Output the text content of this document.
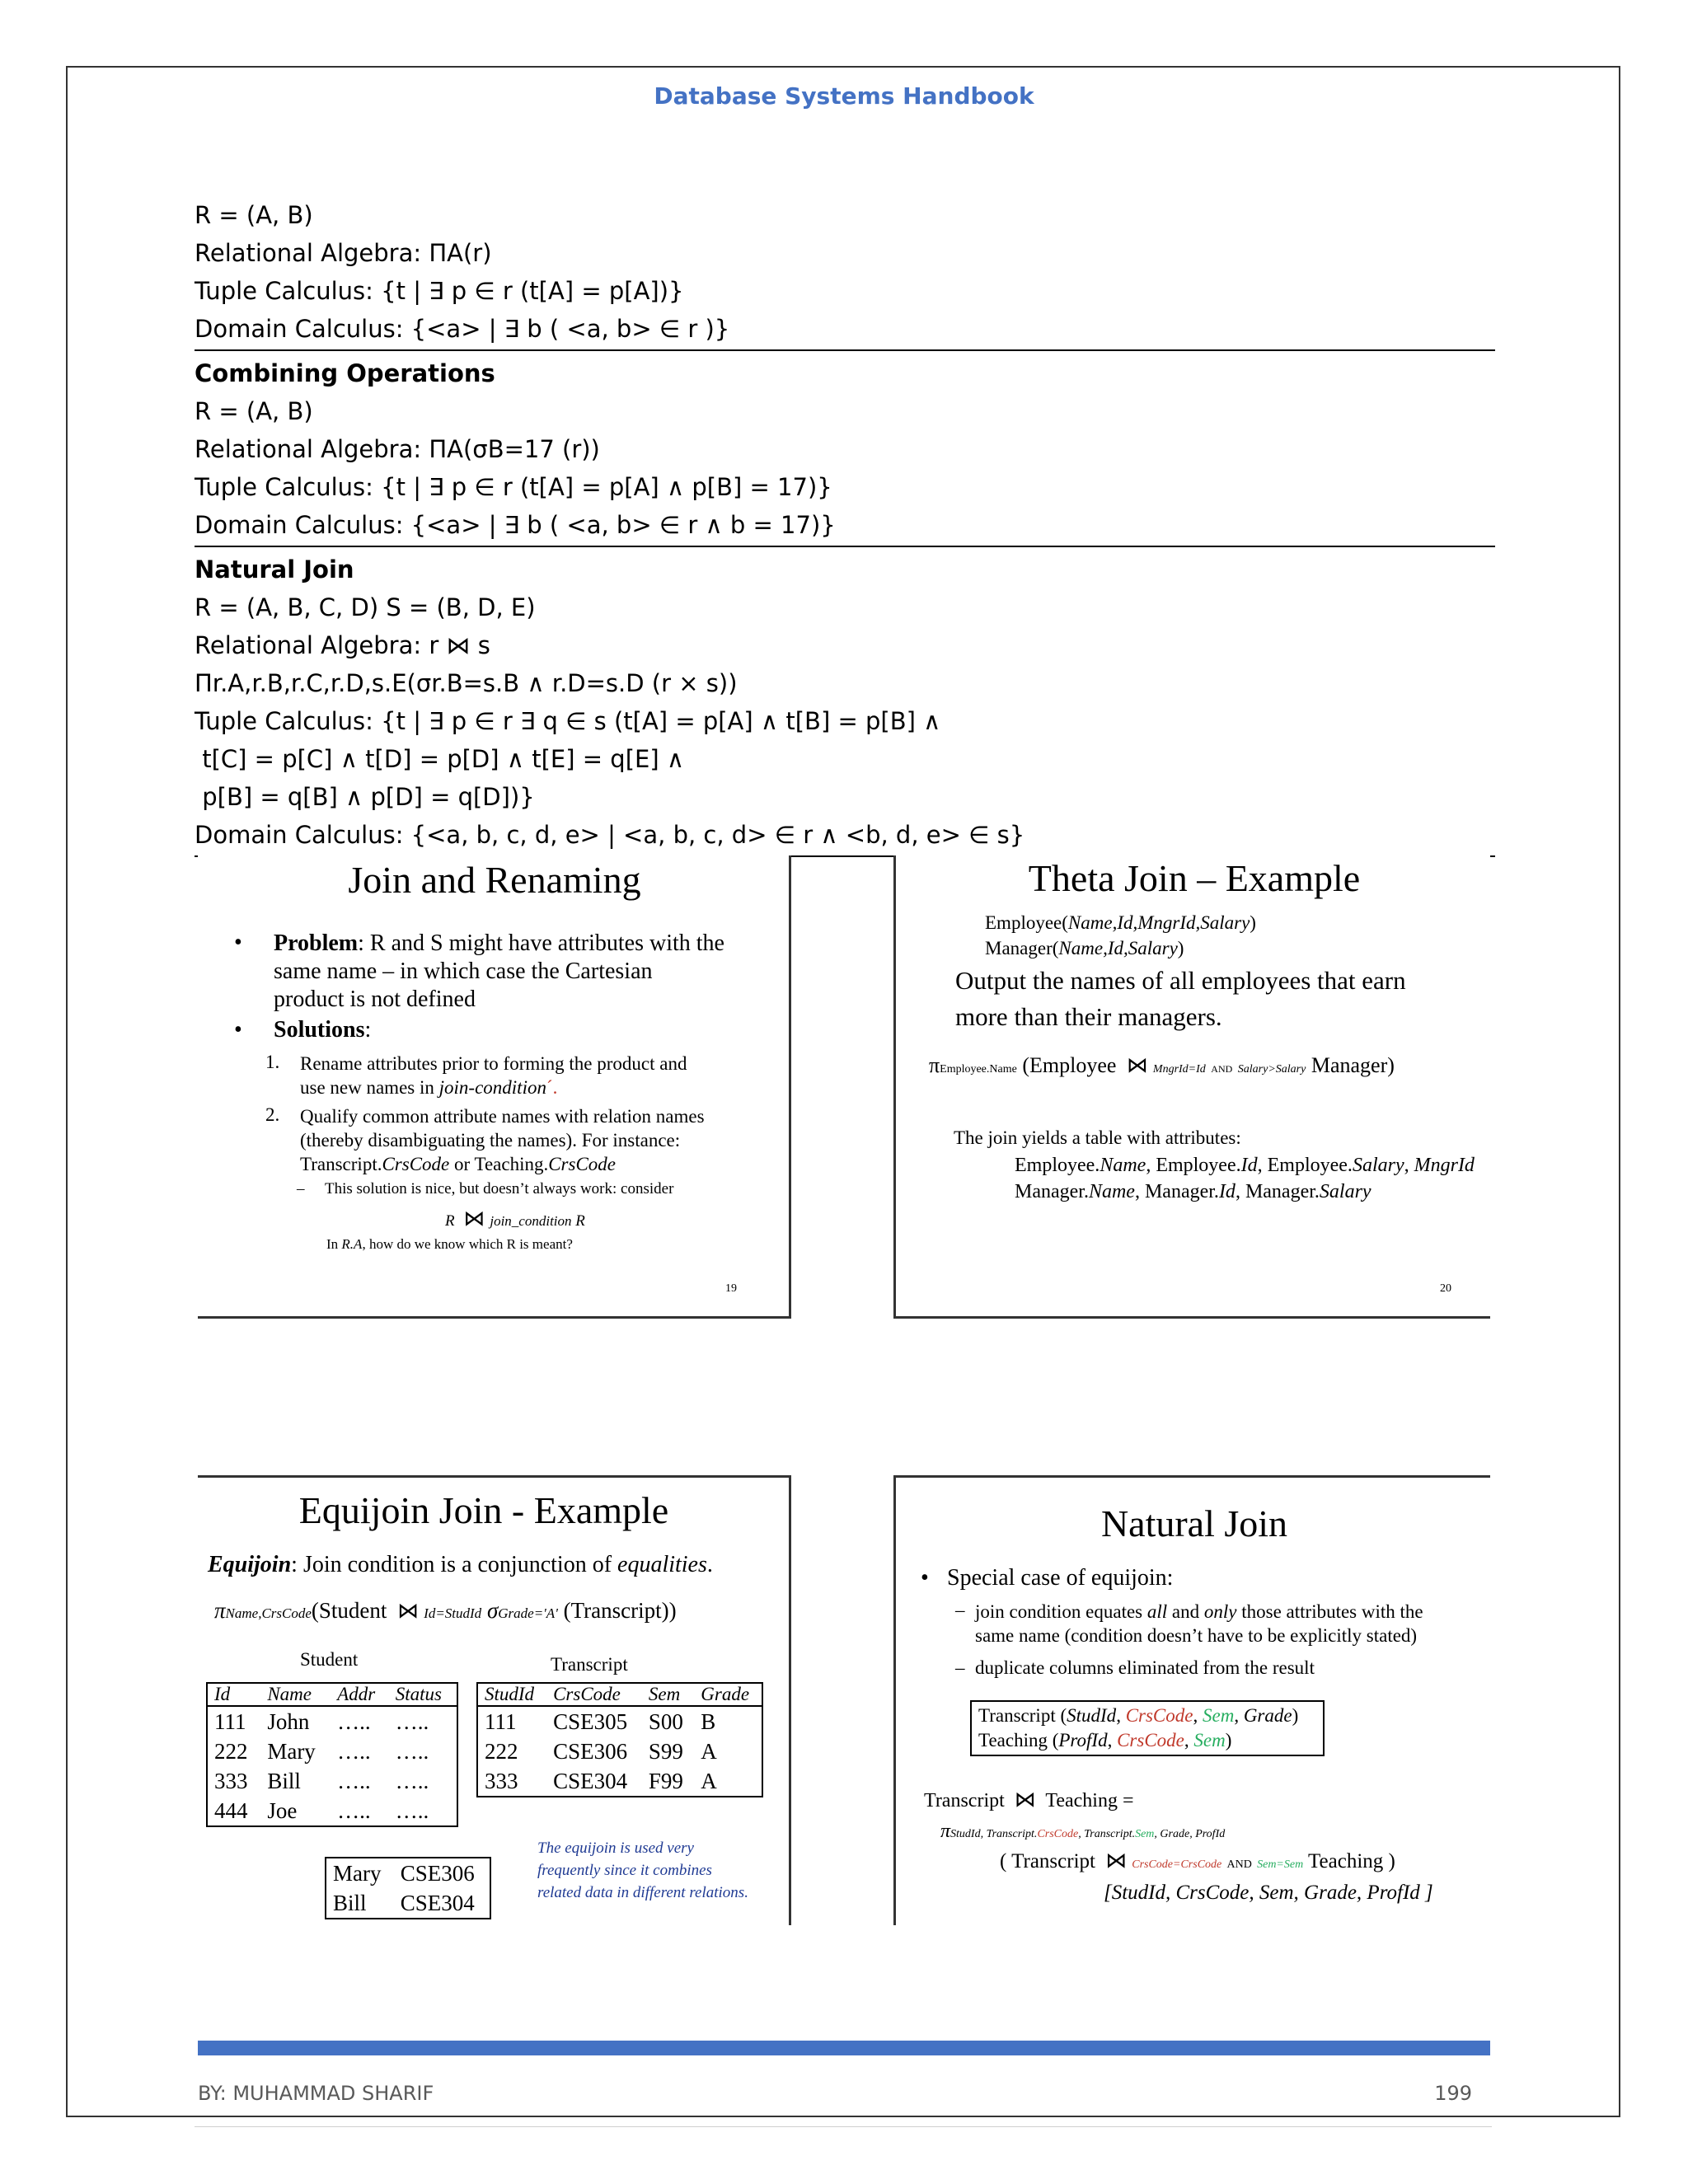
Database Systems Handbook
R = (A, B)
Relational Algebra: ΠA(r)
Tuple Calculus: {t | ∃ p ∈ r (t[A] = p[A])}
Domain Calculus: {<a> | ∃ b ( <a, b> ∈ r )}
Combining Operations
R = (A, B)
Relational Algebra: ΠA(σB=17 (r))
Tuple Calculus: {t | ∃ p ∈ r (t[A] = p[A] ∧ p[B] = 17)}
Domain Calculus: {<a> | ∃ b ( <a, b> ∈ r ∧ b = 17)}
Natural Join
R = (A, B, C, D) S = (B, D, E)
Relational Algebra: r ⋈ s
Πr.A,r.B,r.C,r.D,s.E(σr.B=s.B ∧ r.D=s.D (r × s))
Tuple Calculus: {t | ∃ p ∈ r ∃ q ∈ s (t[A] = p[A] ∧ t[B] = p[B] ∧
t[C] = p[C] ∧ t[D] = p[D] ∧ t[E] = q[E] ∧
p[B] = q[B] ∧ p[D] = q[D])}
Domain Calculus: {<a, b, c, d, e> | <a, b, c, d> ∈ r ∧ <b, d, e> ∈ s}
Join and Renaming
• Problem: R and S might have attributes with the
same name – in which case the Cartesian
product is not defined
• Solutions:
1. Rename attributes prior to forming the product and
use new names in join-condition´.
2. Qualify common attribute names with relation names
(thereby disambiguating the names). For instance:
Transcript.CrsCode or Teaching.CrsCode
– This solution is nice, but doesn’t always work: consider
R ⋈ join_condition R
In R.A, how do we know which R is meant?
19
Theta Join – Example
Employee(Name,Id,MngrId,Salary)
Manager(Name,Id,Salary)
Output the names of all employees that earn
more than their managers.
πEmployee.Name (Employee ⋈ MngrId=Id AND Salary>Salary Manager)
The join yields a table with attributes:
Employee.Name, Employee.Id, Employee.Salary, MngrId
Manager.Name, Manager.Id, Manager.Salary
20
Equijoin Join - Example
Equijoin: Join condition is a conjunction of equalities.
πName,CrsCode(Student ⋈ Id=StudId σGrade='A' (Transcript))
Student	Transcript
Id	Name	Addr	Status
111	John	…..	…..
222	Mary	…..	…..
333	Bill	…..	…..
444	Joe	…..	…..
StudId	CrsCode	Sem	Grade
111	CSE305	S00	B
222	CSE306	S99	A
333	CSE304	F99	A
Mary	CSE306
Bill	CSE304
The equijoin is used very
frequently since it combines
related data in different relations.
Natural Join
• Special case of equijoin:
– join condition equates all and only those attributes with the
same name (condition doesn’t have to be explicitly stated)
– duplicate columns eliminated from the result
Transcript (StudId, CrsCode, Sem, Grade)
Teaching (ProfId, CrsCode, Sem)
Transcript ⋈ Teaching =
πStudId, Transcript.CrsCode, Transcript.Sem, Grade, ProfId
( Transcript ⋈ CrsCode=CrsCode AND Sem=Sem Teaching )
[StudId, CrsCode, Sem, Grade, ProfId ]
BY: MUHAMMAD SHARIF	199
